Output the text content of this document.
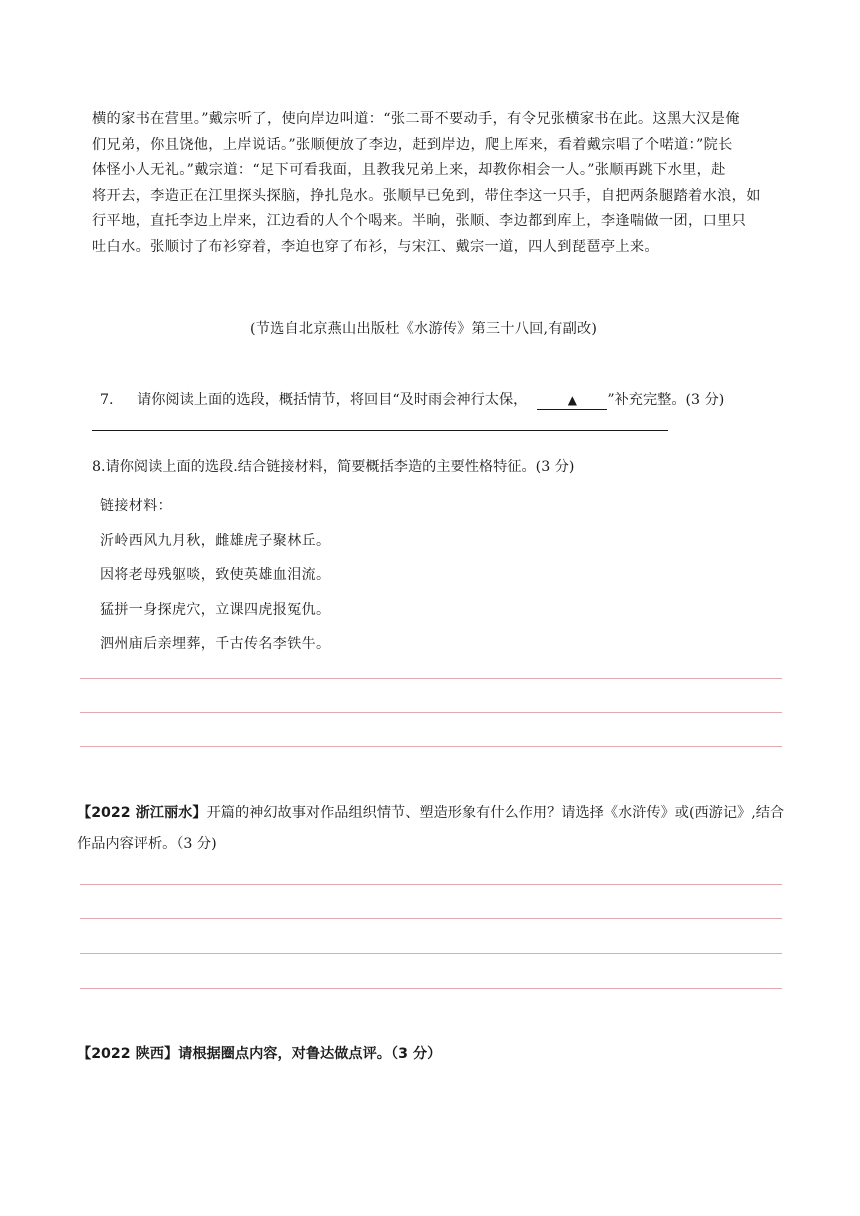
横的家书在营里。”戴宗听了，使向岸边叫道：“张二哥不要动手，有令兄张横家书在此。这黑大汉是俺
们兄弟，你且饶他，上岸说话。”张顺便放了李边，赶到岸边，爬上厍来，看着戴宗唱了个喏道：”院长
体怪小人无礼。”戴宗道：“足下可看我面，且教我兄弟上来，却教你相会一人。”张顺再跳下水里，赴
将开去，李造正在江里探头探脑，挣扎凫水。张顺早已免到，带住李这一只手，自把两条腿踏着水浪，如
行平地，直托李边上岸来，江边看的人个个喝来。半晌，张顺、李边都到库上，李逢喘做一团，口里只
吐白水。张顺讨了布衫穿着，李迫也穿了布衫，与宋江、戴宗一道，四人到琵琶亭上来。
(节选自北京燕山出版杜《水游传》第三十八回,有副改)
7. 请你阅读上面的选段，概括情节，将回目“及时雨会神行太保，	▲ ”补充完整。(3 分)
8.请你阅读上面的选段.结合链接材料，简要概括李造的主要性格特征。(3 分)
链接材料：
沂岭西风九月秋，雌雄虎子聚林丘。
因将老母残躯啖，致使英雄血泪流。
猛拼一身探虎穴，立课四虎报冤仇。
泗州庙后亲埋葬，千古传名李铁牛。
【2022 浙江丽水】开篇的神幻故事对作品组织情节、塑造形象有什么作用？请选择《水浒传》或(西游记》,结合作品内容评析。（3 分)
【2022 陕西】请根据圈点内容，对鲁达做点评。（3 分）
